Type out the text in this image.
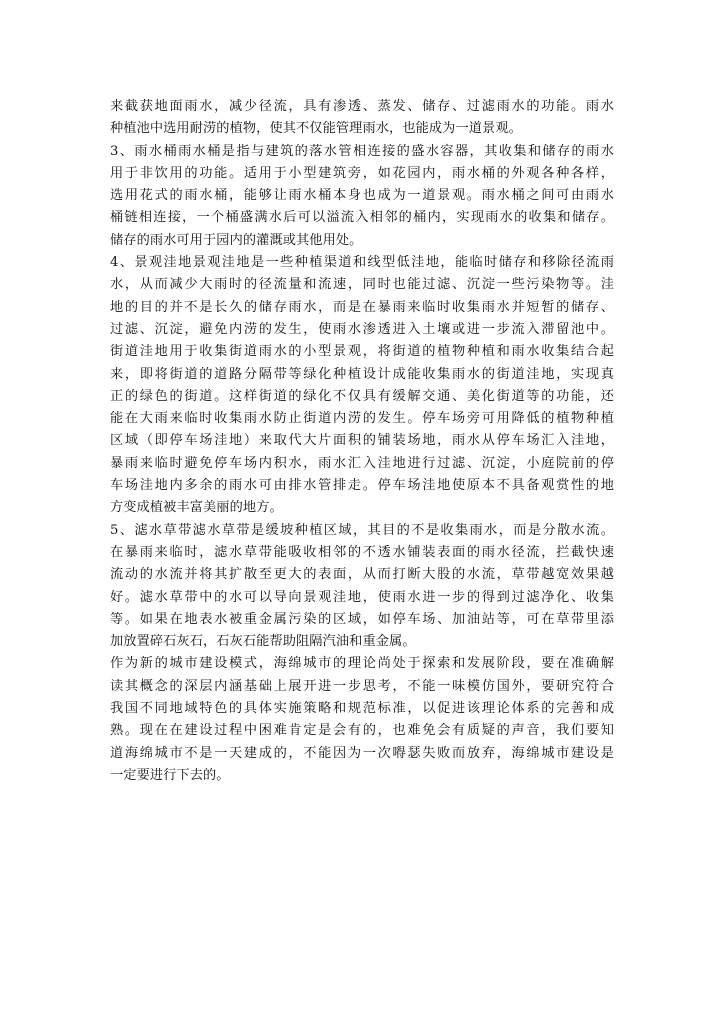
来截获地面雨水，减少径流，具有渗透、蒸发、储存、过滤雨水的功能。雨水
种植池中选用耐涝的植物，使其不仅能管理雨水，也能成为一道景观。
3、雨水桶雨水桶是指与建筑的落水管相连接的盛水容器，其收集和储存的雨水
用于非饮用的功能。适用于小型建筑旁，如花园内，雨水桶的外观各种各样，
选用花式的雨水桶，能够让雨水桶本身也成为一道景观。雨水桶之间可由雨水
桶链相连接，一个桶盛满水后可以溢流入相邻的桶内，实现雨水的收集和储存。
储存的雨水可用于园内的灌溉或其他用处。
4、景观洼地景观洼地是一些种植渠道和线型低洼地，能临时储存和移除径流雨
水，从而减少大雨时的径流量和流速，同时也能过滤、沉淀一些污染物等。洼
地的目的并不是长久的储存雨水，而是在暴雨来临时收集雨水并短暂的储存、
过滤、沉淀，避免内涝的发生，使雨水渗透进入土壤或进一步流入滞留池中。
街道洼地用于收集街道雨水的小型景观，将街道的植物种植和雨水收集结合起
来，即将街道的道路分隔带等绿化种植设计成能收集雨水的街道洼地，实现真
正的绿色的街道。这样街道的绿化不仅具有缓解交通、美化街道等的功能，还
能在大雨来临时收集雨水防止街道内涝的发生。停车场旁可用降低的植物种植
区域（即停车场洼地）来取代大片面积的铺装场地，雨水从停车场汇入洼地，
暴雨来临时避免停车场内积水，雨水汇入洼地进行过滤、沉淀，小庭院前的停
车场洼地内多余的雨水可由排水管排走。停车场洼地使原本不具备观赏性的地
方变成植被丰富美丽的地方。
5、滤水草带滤水草带是缓坡种植区域，其目的不是收集雨水，而是分散水流。
在暴雨来临时，滤水草带能吸收相邻的不透水铺装表面的雨水径流，拦截快速
流动的水流并将其扩散至更大的表面，从而打断大股的水流，草带越宽效果越
好。滤水草带中的水可以导向景观洼地，使雨水进一步的得到过滤净化、收集
等。如果在地表水被重金属污染的区域，如停车场、加油站等，可在草带里添
加放置碎石灰石，石灰石能帮助阻隔汽油和重金属。
作为新的城市建设模式，海绵城市的理论尚处于探索和发展阶段，要在准确解
读其概念的深层内涵基础上展开进一步思考，不能一味模仿国外，要研究符合
我国不同地域特色的具体实施策略和规范标准，以促进该理论体系的完善和成
熟。现在在建设过程中困难肯定是会有的，也难免会有质疑的声音，我们要知
道海绵城市不是一天建成的，不能因为一次嘚瑟失败而放弃，海绵城市建设是
一定要进行下去的。
